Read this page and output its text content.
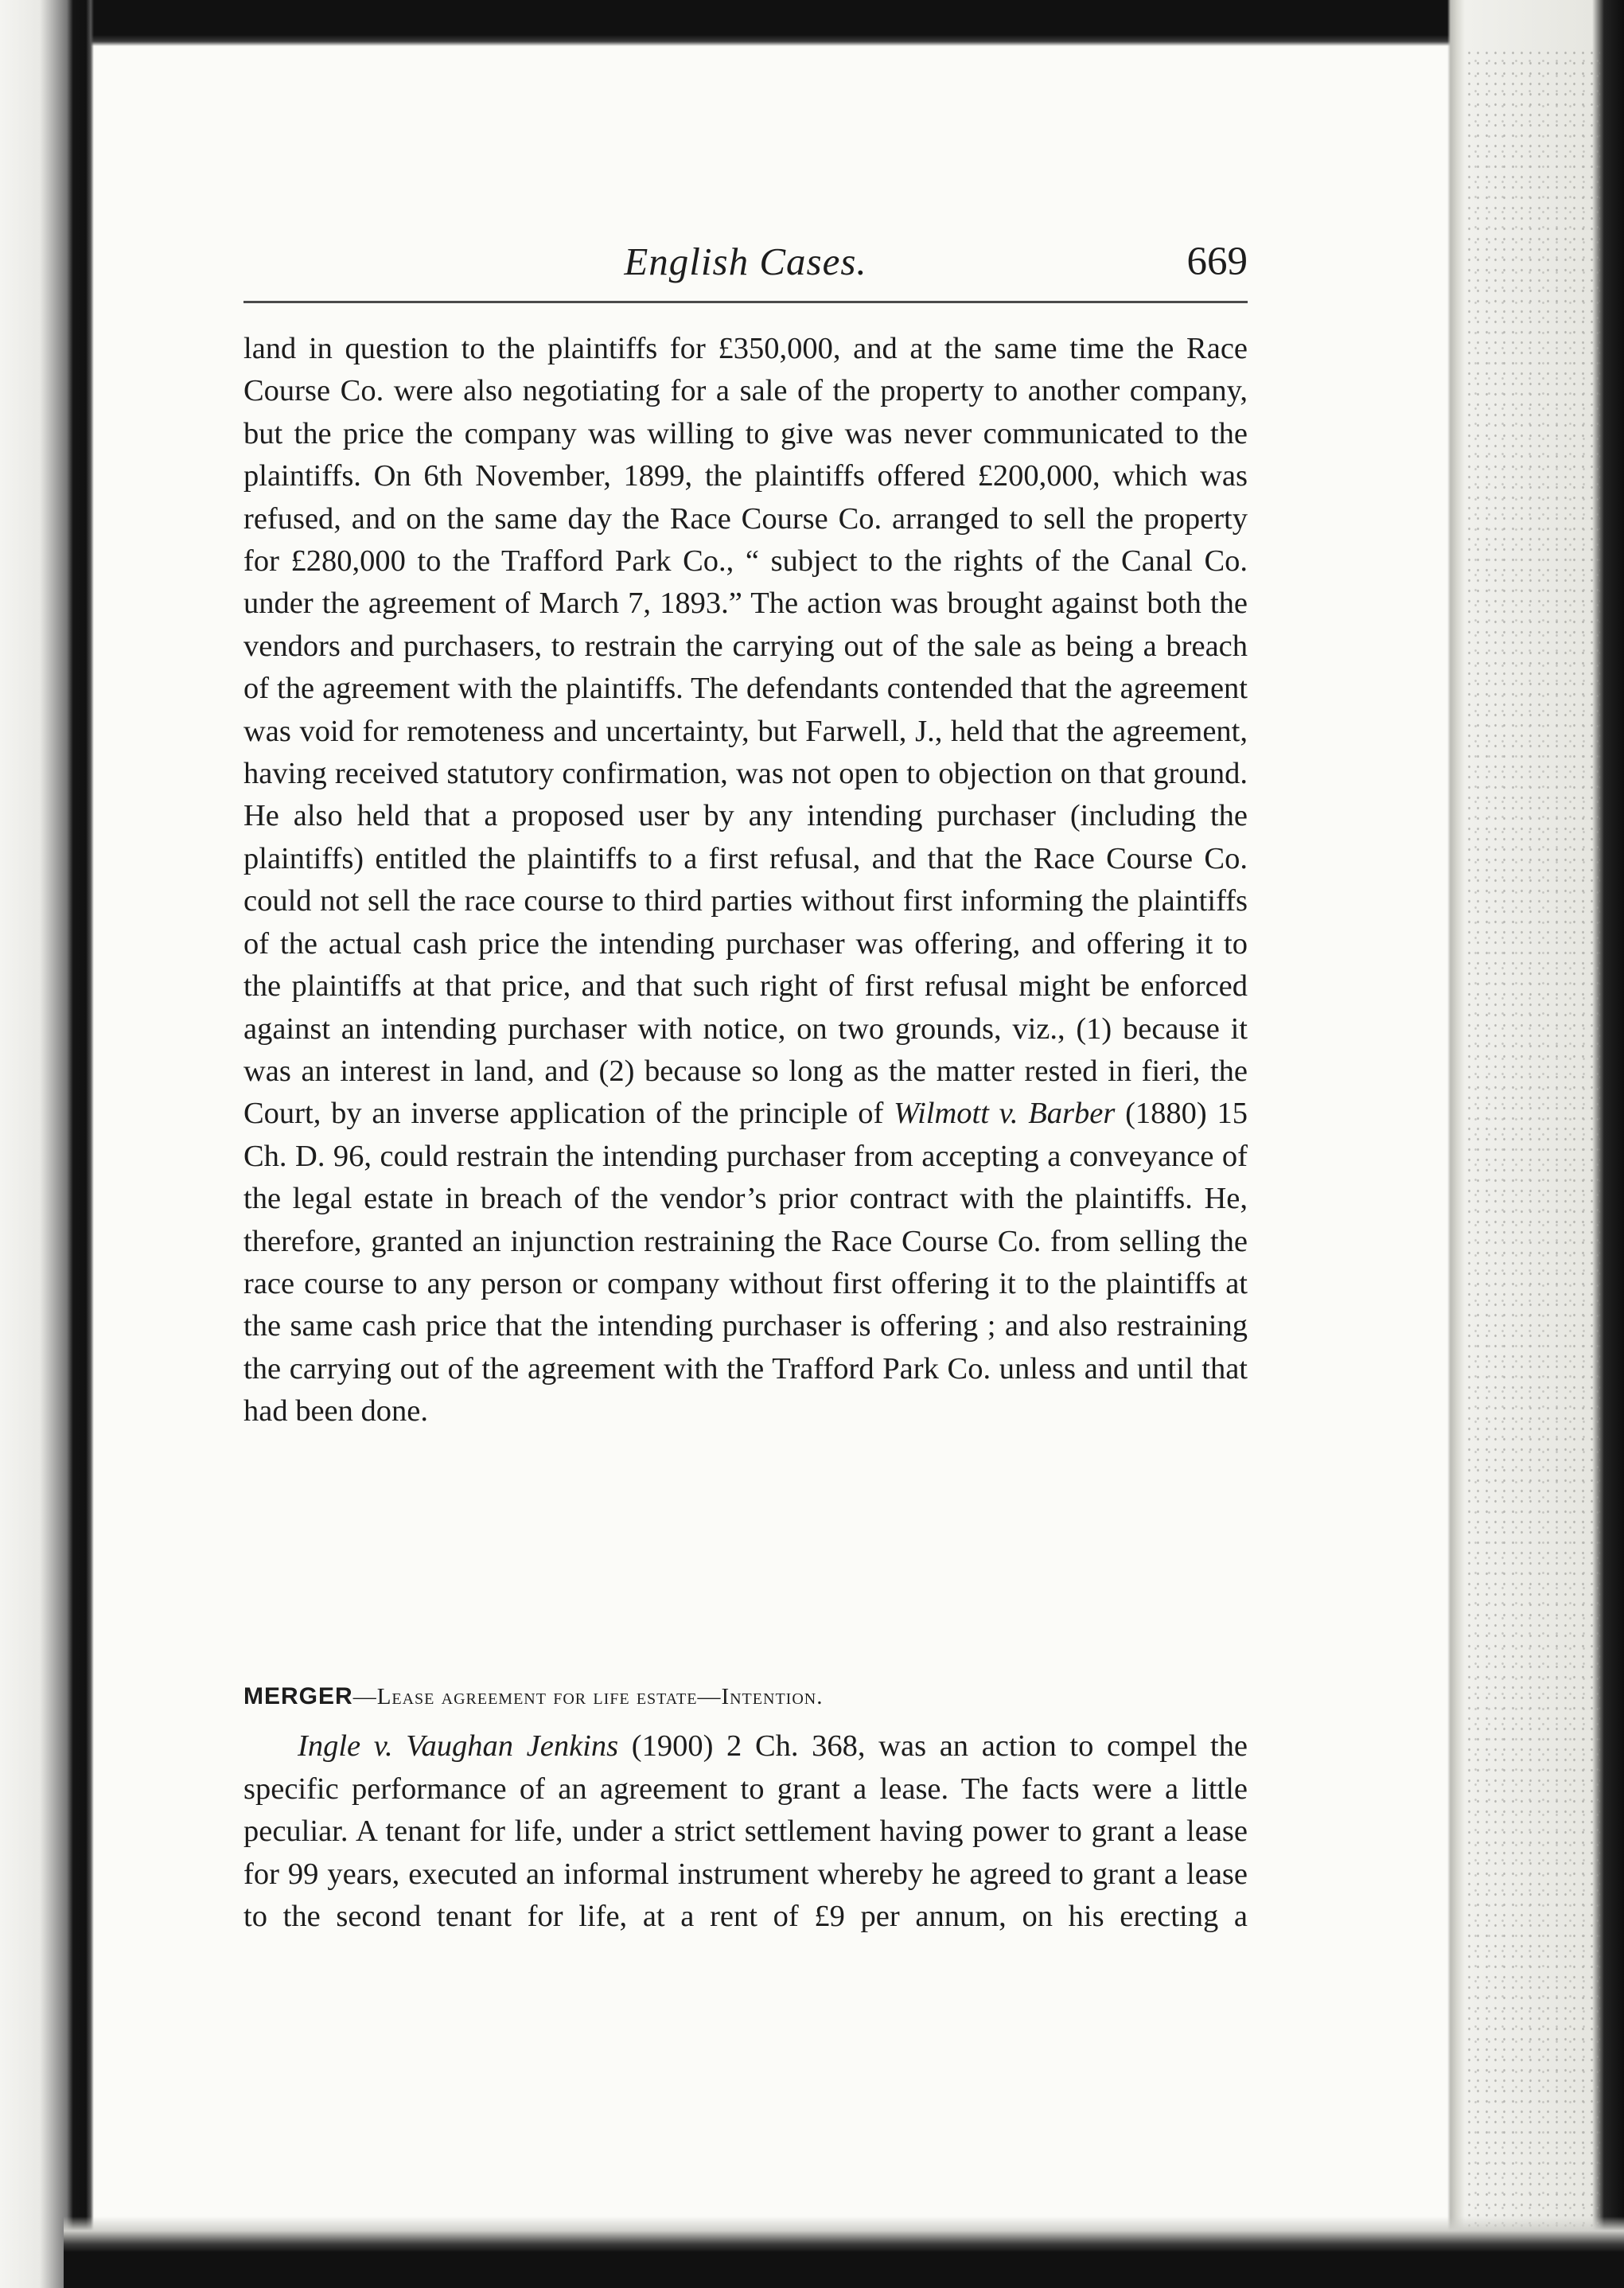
English Cases.	669

land in question to the plaintiffs for £350,000, and at the same time the Race Course Co. were also negotiating for a sale of the property to another company, but the price the company was willing to give was never communicated to the plaintiffs. On 6th November, 1899, the plaintiffs offered £200,000, which was refused, and on the same day the Race Course Co. arranged to sell the property for £280,000 to the Trafford Park Co., “ subject to the rights of the Canal Co. under the agreement of March 7, 1893.” The action was brought against both the vendors and purchasers, to restrain the carrying out of the sale as being a breach of the agreement with the plaintiffs. The defendants contended that the agreement was void for remoteness and uncertainty, but Farwell, J., held that the agreement, having received statutory confirmation, was not open to objection on that ground. He also held that a proposed user by any intending purchaser (including the plaintiffs) entitled the plaintiffs to a first refusal, and that the Race Course Co. could not sell the race course to third parties without first informing the plaintiffs of the actual cash price the intending purchaser was offering, and offering it to the plaintiffs at that price, and that such right of first refusal might be enforced against an intending purchaser with notice, on two grounds, viz., (1) because it was an interest in land, and (2) because so long as the matter rested in fieri, the Court, by an inverse application of the principle of Wilmott v. Barber (1880) 15 Ch. D. 96, could restrain the intending purchaser from accepting a conveyance of the legal estate in breach of the vendor’s prior contract with the plaintiffs. He, therefore, granted an injunction restraining the Race Course Co. from selling the race course to any person or company without first offering it to the plaintiffs at the same cash price that the intending purchaser is offering ; and also restraining the carrying out of the agreement with the Trafford Park Co. unless and until that had been done.

MERGER—Lease agreement for life estate—Intention.

Ingle v. Vaughan Jenkins (1900) 2 Ch. 368, was an action to compel the specific performance of an agreement to grant a lease. The facts were a little peculiar. A tenant for life, under a strict settlement having power to grant a lease for 99 years, executed an informal instrument whereby he agreed to grant a lease to the second tenant for life, at a rent of £9 per annum, on his erecting a
